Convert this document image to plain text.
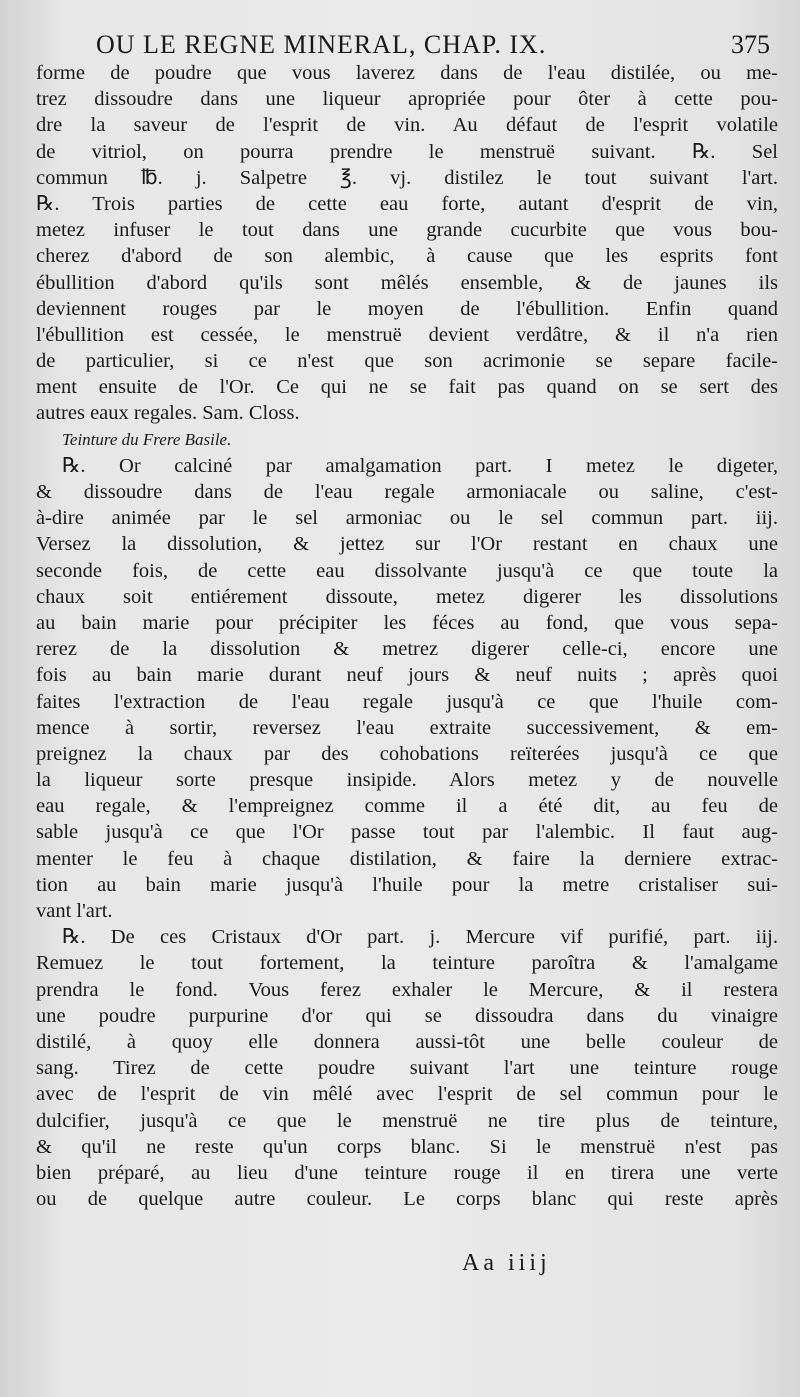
OU LE REGNE MINERAL, CHAP. IX.	375
forme de poudre que vous laverez dans de l'eau distilée, ou me-
trez dissoudre dans une liqueur apropriée pour ôter à cette pou-
dre la saveur de l'esprit de vin. Au défaut de l'esprit volatile
de vitriol, on pourra prendre le menstruë suivant. ℞. Sel
commun ℔. j. Salpetre ℥. vj. distilez le tout suivant l'art.
℞. Trois parties de cette eau forte, autant d'esprit de vin,
metez infuser le tout dans une grande cucurbite que vous bou-
cherez d'abord de son alembic, à cause que les esprits font
ébullition d'abord qu'ils sont mêlés ensemble, & de jaunes ils
deviennent rouges par le moyen de l'ébullition. Enfin quand
l'ébullition est cessée, le menstruë devient verdâtre, & il n'a rien
de particulier, si ce n'est que son acrimonie se separe facile-
ment ensuite de l'Or. Ce qui ne se fait pas quand on se sert des
autres eaux regales. Sam. Closs.
Teinture du Frere Basile.
℞. Or calciné par amalgamation part. I metez le digeter,
& dissoudre dans de l'eau regale armoniacale ou saline, c'est-
à-dire animée par le sel armoniac ou le sel commun part. iij.
Versez la dissolution, & jettez sur l'Or restant en chaux une
seconde fois, de cette eau dissolvante jusqu'à ce que toute la
chaux soit entiérement dissoute, metez digerer les dissolutions
au bain marie pour précipiter les féces au fond, que vous sepa-
rerez de la dissolution & metrez digerer celle-ci, encore une
fois au bain marie durant neuf jours & neuf nuits ; après quoi
faites l'extraction de l'eau regale jusqu'à ce que l'huile com-
mence à sortir, reversez l'eau extraite successivement, & em-
preignez la chaux par des cohobations reïterées jusqu'à ce que
la liqueur sorte presque insipide. Alors metez y de nouvelle
eau regale, & l'empreignez comme il a été dit, au feu de
sable jusqu'à ce que l'Or passe tout par l'alembic. Il faut aug-
menter le feu à chaque distilation, & faire la derniere extrac-
tion au bain marie jusqu'à l'huile pour la metre cristaliser sui-
vant l'art.
℞. De ces Cristaux d'Or part. j. Mercure vif purifié, part. iij.
Remuez le tout fortement, la teinture paroîtra & l'amalgame
prendra le fond. Vous ferez exhaler le Mercure, & il restera
une poudre purpurine d'or qui se dissoudra dans du vinaigre
distilé, à quoy elle donnera aussi-tôt une belle couleur de
sang. Tirez de cette poudre suivant l'art une teinture rouge
avec de l'esprit de vin mêlé avec l'esprit de sel commun pour le
dulcifier, jusqu'à ce que le menstruë ne tire plus de teinture,
& qu'il ne reste qu'un corps blanc. Si le menstruë n'est pas
bien préparé, au lieu d'une teinture rouge il en tirera une verte
ou de quelque autre couleur. Le corps blanc qui reste après
Aa iiij
